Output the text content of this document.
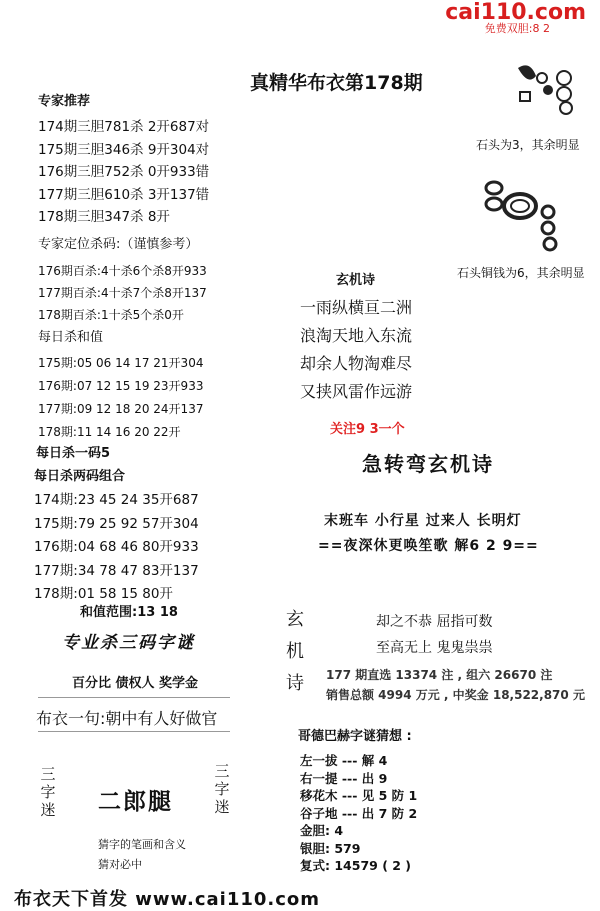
cai110.com
免费双胆:8 2
真精华布衣第178期
专家推荐
174期三胆781杀 2开687对
175期三胆346杀 9开304对
176期三胆752杀 0开933错
177期三胆610杀 3开137错
178期三胆347杀 8开
专家定位杀码:（谨慎参考）
176期百杀:4十杀6个杀8开933
177期百杀:4十杀7个杀8开137
178期百杀:1十杀5个杀0开
每日杀和值
175期:05 06 14 17 21开304
176期:07 12 15 19 23开933
177期:09 12 18 20 24开137
178期:11 14 16 20 22开
每日杀一码5
每日杀两码组合
174期:23 45 24 35开687
175期:79 25 92 57开304
176期:04 68 46 80开933
177期:34 78 47 83开137
178期:01 58 15 80开
和值范围:13 18
专业杀三码字谜
百分比 债权人 奖学金
布衣一句:朝中有人好做官
三字迷 二郎腿
三字迷
猜字的笔画和含义
猜对必中
石头为3，其余明显
石头铜钱为6，其余明显
玄机诗
一雨纵横亘二洲
浪淘天地入东流
却余人物淘难尽
又挟风雷作远游
关注9 3一个
急转弯玄机诗
末班车 小行星 过来人 长明灯
==夜深休更唤笙歌 解6 2 9==
玄
机
诗
却之不恭 屈指可数
至高无上 鬼鬼祟祟
177 期直选 13374 注 , 组六 26670 注
销售总额 4994 万元 , 中奖金 18,522,870 元
哥德巴赫字谜猜想 :
左一拔 --- 解 4
右一提 --- 出 9
移花木 --- 见 5 防 1
谷子地 --- 出 7 防 2
金胆: 4
银胆: 579
复式: 14579 ( 2 )
布衣天下首发 www.cai110.com
